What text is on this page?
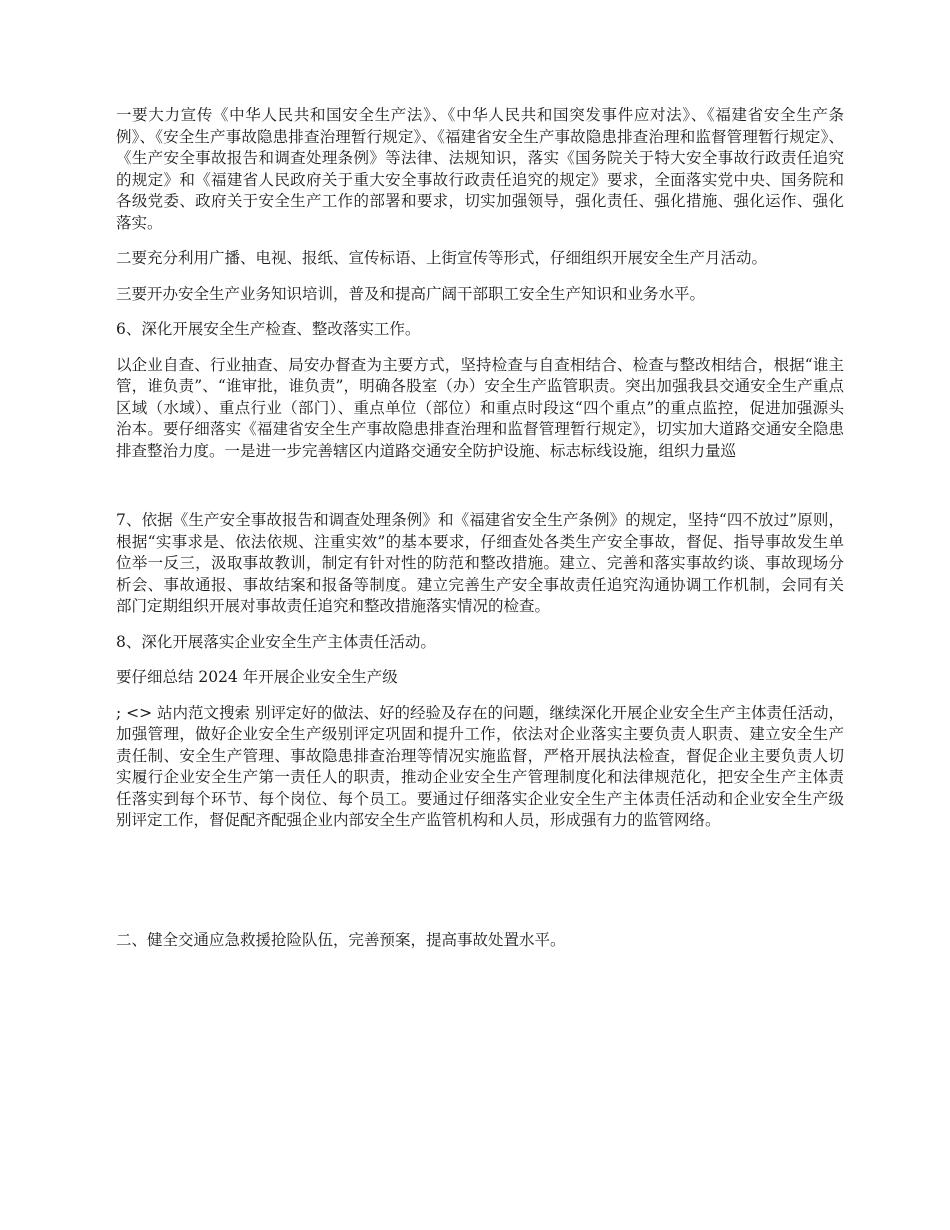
一要大力宣传《中华人民共和国安全生产法》、《中华人民共和国突发事件应对法》、《福建省安全生产条例》、《安全生产事故隐患排查治理暂行规定》、《福建省安全生产事故隐患排查治理和监督管理暂行规定》、《生产安全事故报告和调查处理条例》等法律、法规知识，落实《国务院关于特大安全事故行政责任追究的规定》和《福建省人民政府关于重大安全事故行政责任追究的规定》要求，全面落实党中央、国务院和各级党委、政府关于安全生产工作的部署和要求，切实加强领导，强化责任、强化措施、强化运作、强化落实。

二要充分利用广播、电视、报纸、宣传标语、上街宣传等形式，仔细组织开展安全生产月活动。

三要开办安全生产业务知识培训，普及和提高广阔干部职工安全生产知识和业务水平。

6、深化开展安全生产检查、整改落实工作。

以企业自查、行业抽查、局安办督查为主要方式，坚持检查与自查相结合、检查与整改相结合，根据“谁主管，谁负责”、“谁审批，谁负责”，明确各股室（办）安全生产监管职责。突出加强我县交通安全生产重点区域（水域）、重点行业（部门）、重点单位（部位）和重点时段这“四个重点”的重点监控，促进加强源头治本。要仔细落实《福建省安全生产事故隐患排查治理和监督管理暂行规定》，切实加大道路交通安全隐患排查整治力度。一是进一步完善辖区内道路交通安全防护设施、标志标线设施，组织力量巡

7、依据《生产安全事故报告和调查处理条例》和《福建省安全生产条例》的规定，坚持“四不放过”原则，根据“实事求是、依法依规、注重实效”的基本要求，仔细查处各类生产安全事故，督促、指导事故发生单位举一反三，汲取事故教训，制定有针对性的防范和整改措施。建立、完善和落实事故约谈、事故现场分析会、事故通报、事故结案和报备等制度。建立完善生产安全事故责任追究沟通协调工作机制，会同有关部门定期组织开展对事故责任追究和整改措施落实情况的检查。

8、深化开展落实企业安全生产主体责任活动。

要仔细总结 2024 年开展企业安全生产级

; <> 站内范文搜索 别评定好的做法、好的经验及存在的问题，继续深化开展企业安全生产主体责任活动，加强管理，做好企业安全生产级别评定巩固和提升工作，依法对企业落实主要负责人职责、建立安全生产责任制、安全生产管理、事故隐患排查治理等情况实施监督，严格开展执法检查，督促企业主要负责人切实履行企业安全生产第一责任人的职责，推动企业安全生产管理制度化和法律规范化，把安全生产主体责任落实到每个环节、每个岗位、每个员工。要通过仔细落实企业安全生产主体责任活动和企业安全生产级别评定工作，督促配齐配强企业内部安全生产监管机构和人员，形成强有力的监管网络。

二、健全交通应急救援抢险队伍，完善预案，提高事故处置水平。
